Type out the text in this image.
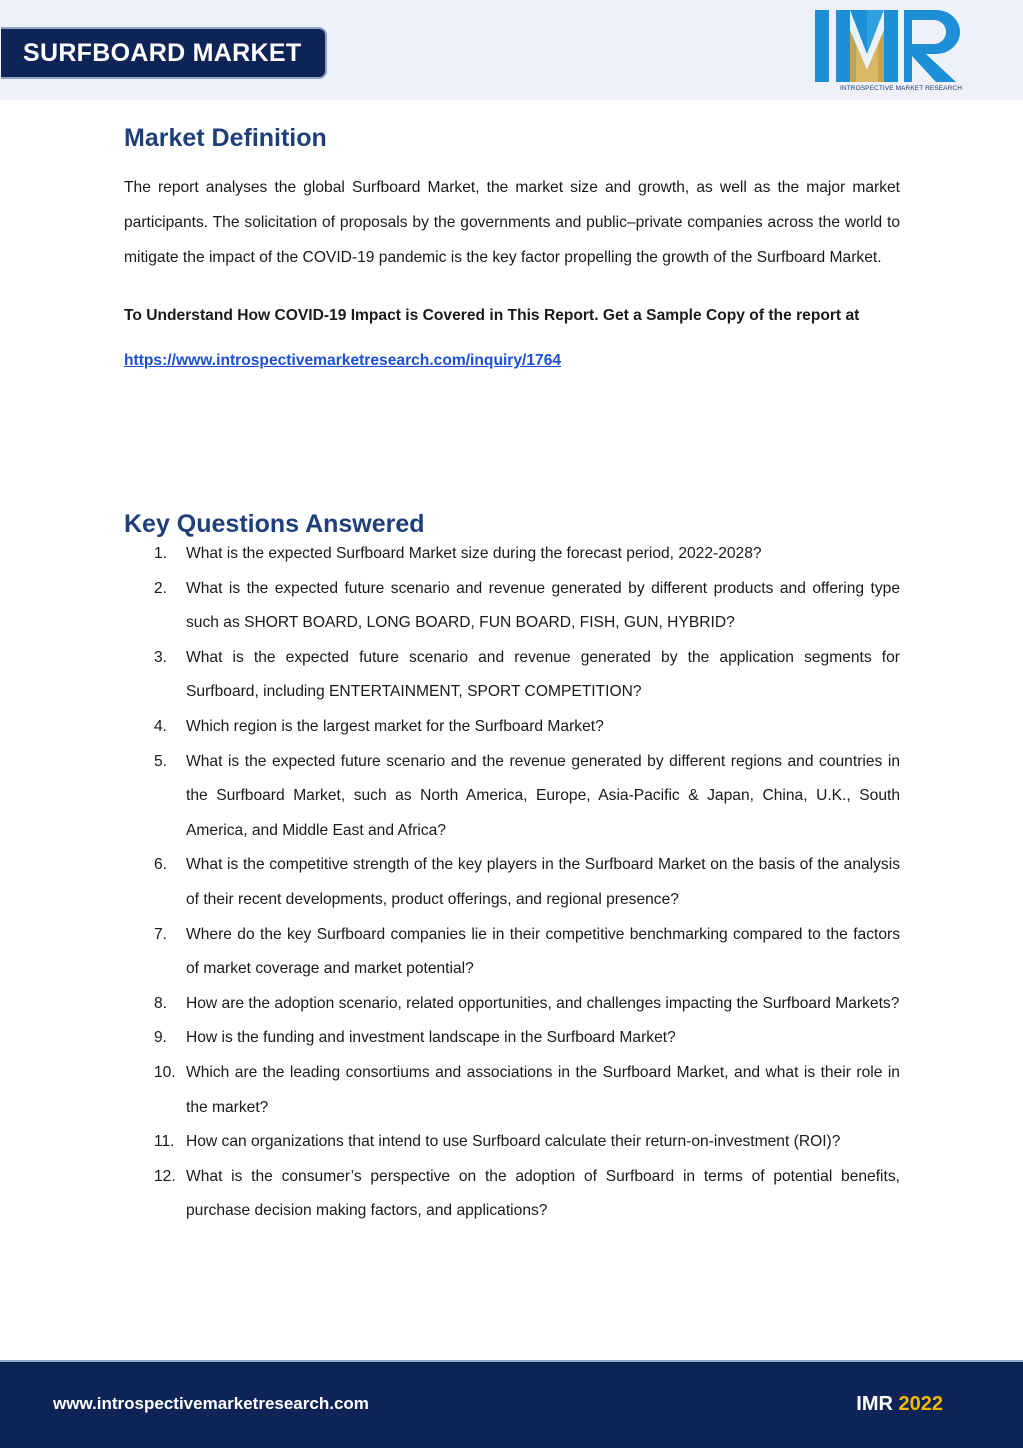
SURFBOARD MARKET
INTROSPECTIVE MARKET RESEARCH
Market Definition

The report analyses the global Surfboard Market, the market size and growth, as well as the major market participants. The solicitation of proposals by the governments and public–private companies across the world to mitigate the impact of the COVID-19 pandemic is the key factor propelling the growth of the Surfboard Market.

To Understand How COVID-19 Impact is Covered in This Report. Get a Sample Copy of the report at

https://www.introspectivemarketresearch.com/inquiry/1764
Key Questions Answered
1.	What is the expected Surfboard Market size during the forecast period, 2022-2028?
2.	What is the expected future scenario and revenue generated by different products and offering type such as SHORT BOARD, LONG BOARD, FUN BOARD, FISH, GUN, HYBRID?
3.	What is the expected future scenario and revenue generated by the application segments for Surfboard, including ENTERTAINMENT, SPORT COMPETITION?
4.	Which region is the largest market for the Surfboard Market?
5.	What is the expected future scenario and the revenue generated by different regions and countries in the Surfboard Market, such as North America, Europe, Asia-Pacific & Japan, China, U.K., South America, and Middle East and Africa?
6.	What is the competitive strength of the key players in the Surfboard Market on the basis of the analysis of their recent developments, product offerings, and regional presence?
7.	Where do the key Surfboard companies lie in their competitive benchmarking compared to the factors of market coverage and market potential?
8.	How are the adoption scenario, related opportunities, and challenges impacting the Surfboard Markets?
9.	How is the funding and investment landscape in the Surfboard Market?
10. Which are the leading consortiums and associations in the Surfboard Market, and what is their role in the market?
11. How can organizations that intend to use Surfboard calculate their return-on-investment (ROI)?
12. What is the consumer’s perspective on the adoption of Surfboard in terms of potential benefits, purchase decision making factors, and applications?
www.introspectivemarketresearch.com	IMR 2022
